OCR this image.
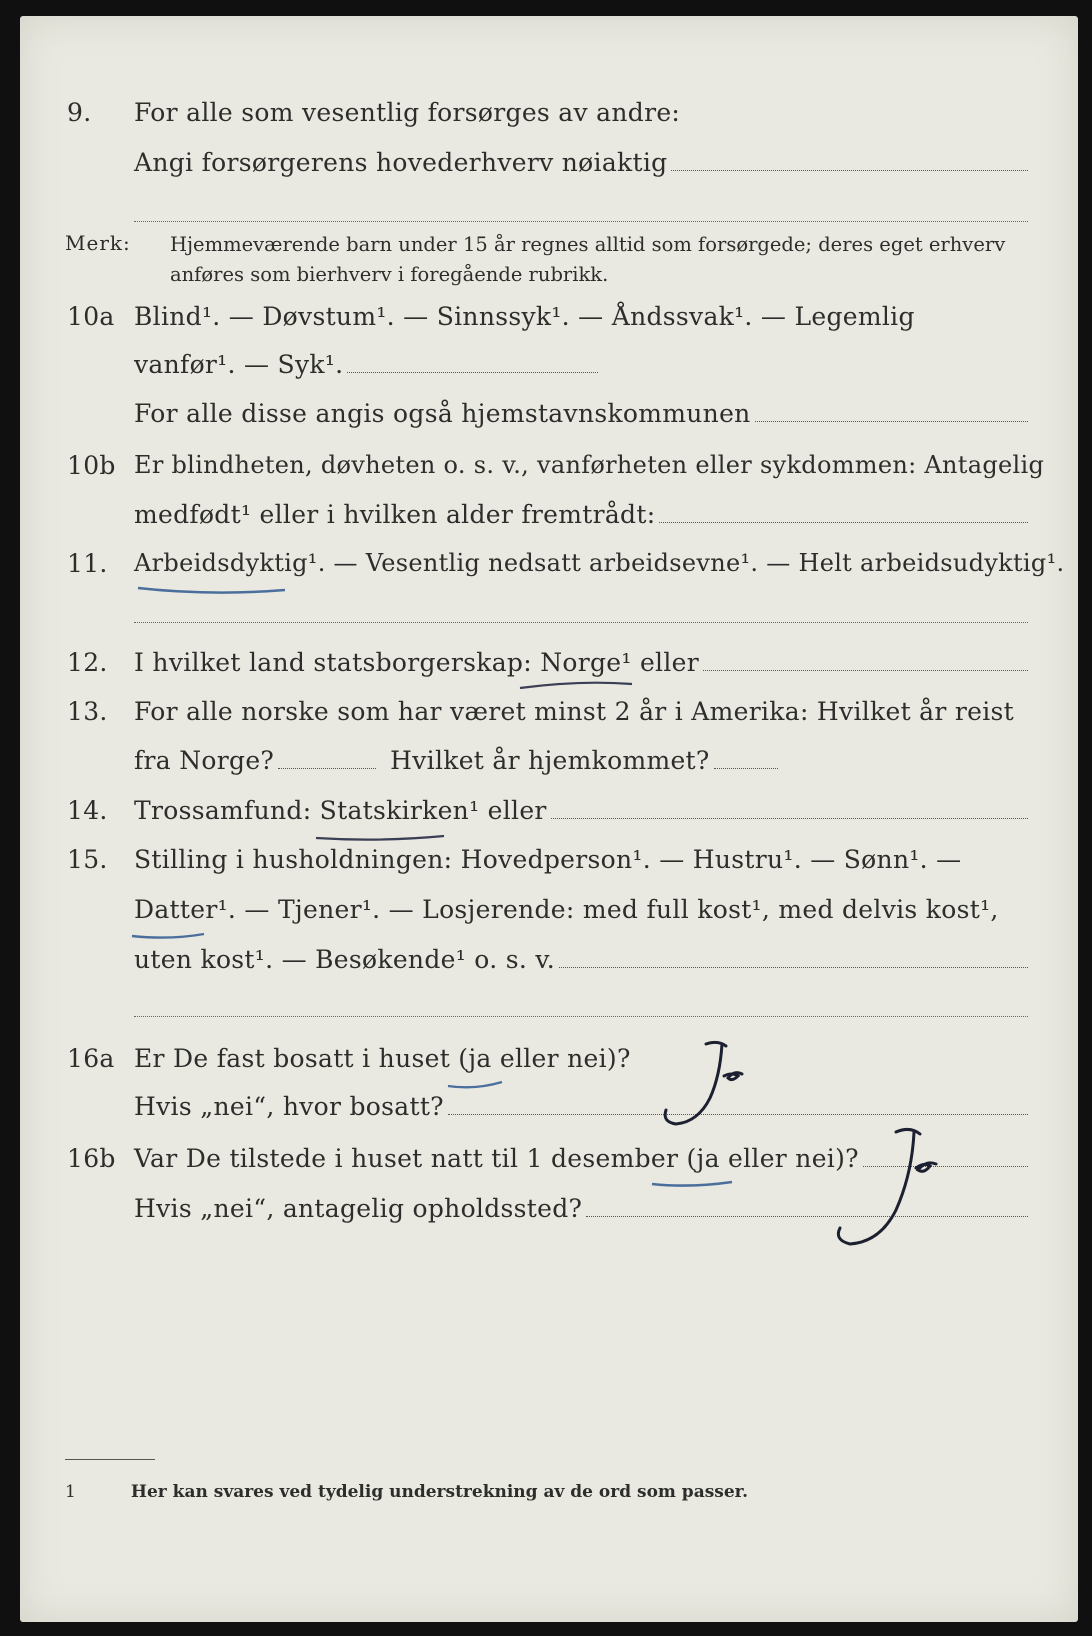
9.	For alle som vesentlig forsørges av andre:
Angi forsørgerens hovederhverv nøiaktig
Merk: Hjemmeværende barn under 15 år regnes alltid som forsørgede; deres eget erhverv anføres som bierhverv i foregående rubrikk.
10a Blind¹. — Døvstum¹. — Sinnssyk¹. — Åndssvak¹. — Legemlig
vanfør¹. — Syk¹.
For alle disse angis også hjemstavnskommunen
10b Er blindheten, døvheten o. s. v., vanførheten eller sykdommen: Antagelig
medfødt¹ eller i hvilken alder fremtrådt:
11.	Arbeidsdyktig¹. — Vesentlig nedsatt arbeidsevne¹. — Helt arbeidsudyktig¹.
12.	I hvilket land statsborgerskap: Norge¹ eller
13.	For alle norske som har været minst 2 år i Amerika: Hvilket år reist
fra Norge?	Hvilket år hjemkommet?
14.	Trossamfund: Statskirken¹ eller
15.	Stilling i husholdningen: Hovedperson¹. — Hustru¹. — Sønn¹. —
Datter¹. — Tjener¹. — Losjerende: med full kost¹, med delvis kost¹,
uten kost¹. — Besøkende¹ o. s. v.
16a Er De fast bosatt i huset (ja eller nei)?
Hvis „nei“, hvor bosatt?
16b Var De tilstede i huset natt til 1 desember (ja eller nei)?
Hvis „nei“, antagelig opholdssted?
1	Her kan svares ved tydelig understrekning av de ord som passer.
